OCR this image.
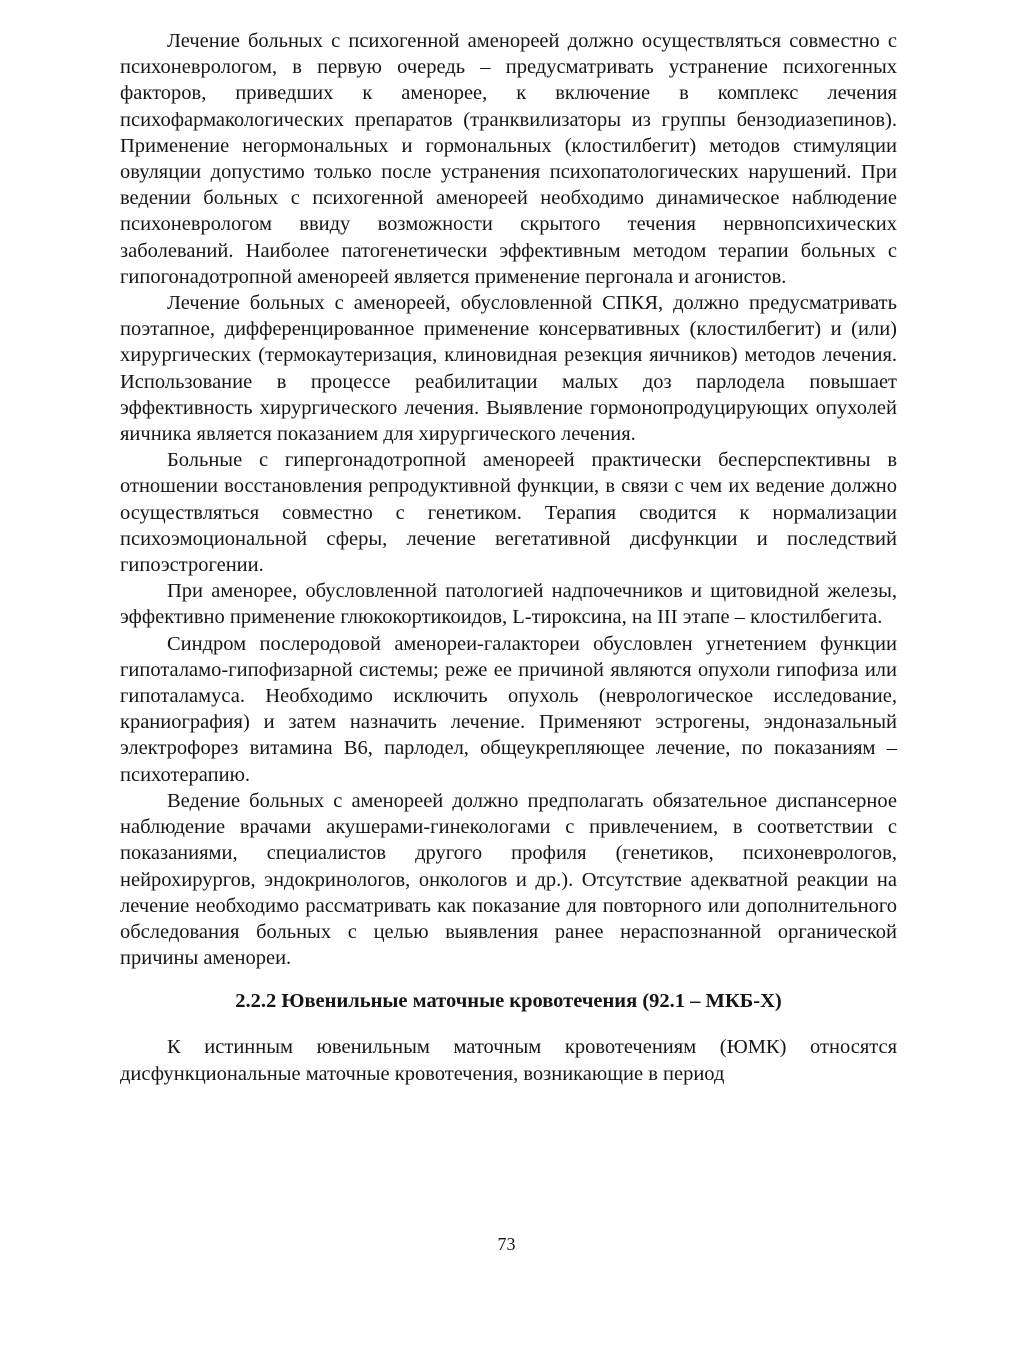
Лечение больных с психогенной аменореей должно осуществляться совместно с психоневрологом, в первую очередь – предусматривать устранение психогенных факторов, приведших к аменорее, к включение в комплекс лечения психофармакологических препаратов (транквилизаторы из группы бензодиазепинов). Применение негормональных и гормональных (клостилбегит) методов стимуляции овуляции допустимо только после устранения психопатологических нарушений. При ведении больных с психогенной аменореей необходимо динамическое наблюдение психоневрологом ввиду возможности скрытого течения нервнопсихических заболеваний. Наиболее патогенетически эффективным методом терапии больных с гипогонадотропной аменореей является применение пергонала и агонистов.

Лечение больных с аменореей, обусловленной СПКЯ, должно предусматривать поэтапное, дифференцированное применение консервативных (клостилбегит) и (или) хирургических (термокаутеризация, клиновидная резекция яичников) методов лечения. Использование в процессе реабилитации малых доз парлодела повышает эффективность хирургического лечения. Выявление гормонопродуцирующих опухолей яичника является показанием для хирургического лечения.

Больные с гипергонадотропной аменореей практически бесперспективны в отношении восстановления репродуктивной функции, в связи с чем их ведение должно осуществляться совместно с генетиком. Терапия сводится к нормализации психоэмоциональной сферы, лечение вегетативной дисфункции и последствий гипоэстрогении.

При аменорее, обусловленной патологией надпочечников и щитовидной железы, эффективно применение глюкокортикоидов, L-тироксина, на III этапе – клостилбегита.

Синдром послеродовой аменореи-галактореи обусловлен угнетением функции гипоталамо-гипофизарной системы; реже ее причиной являются опухоли гипофиза или гипоталамуса. Необходимо исключить опухоль (неврологическое исследование, краниография) и затем назначить лечение. Применяют эстрогены, эндоназальный электрофорез витамина В6, парлодел, общеукрепляющее лечение, по показаниям – психотерапию.

Ведение больных с аменореей должно предполагать обязательное диспансерное наблюдение врачами акушерами-гинекологами с привлечением, в соответствии с показаниями, специалистов другого профиля (генетиков, психоневрологов, нейрохирургов, эндокринологов, онкологов и др.). Отсутствие адекватной реакции на лечение необходимо рассматривать как показание для повторного или дополнительного обследования больных с целью выявления ранее нераспознанной органической причины аменореи.

2.2.2 Ювенильные маточные кровотечения (92.1 – МКБ-X)

К истинным ювенильным маточным кровотечениям (ЮМК) относятся дисфункциональные маточные кровотечения, возникающие в период

73
